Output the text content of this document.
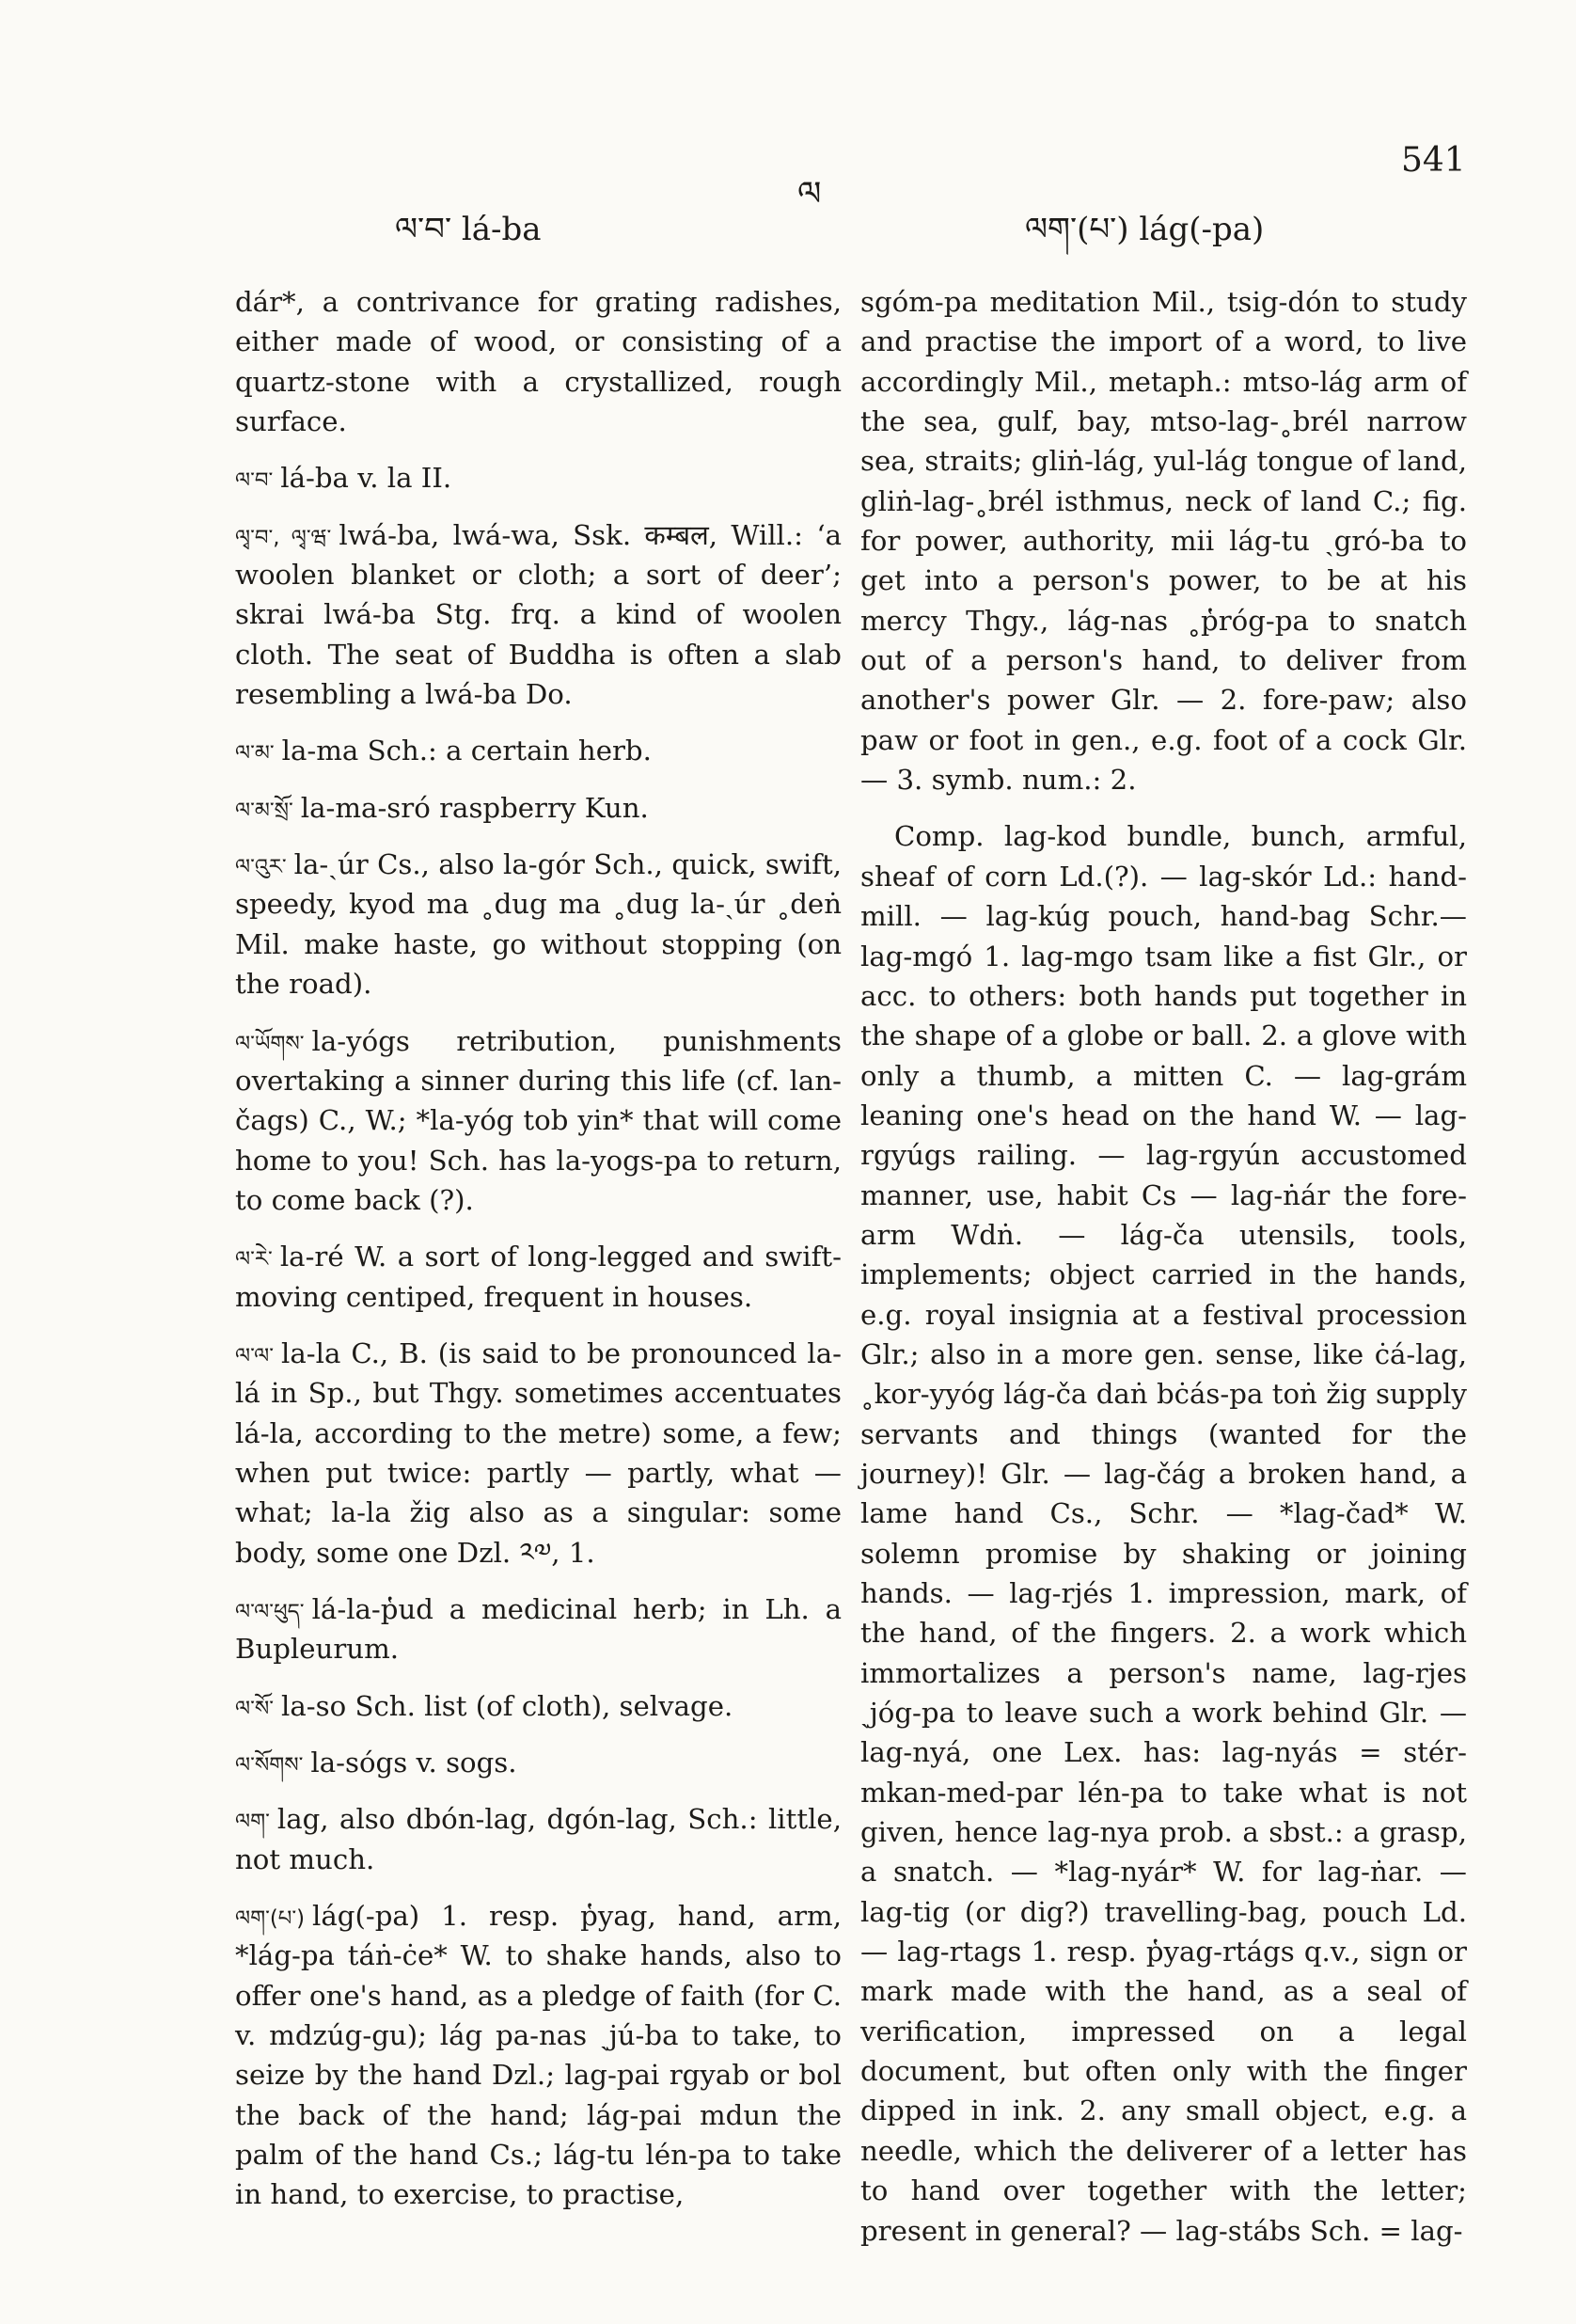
ལ་བ་ lá-ba
ལ
ལག་(པ་) lág(-pa)
541
dár*, a contrivance for grating radishes, either made of wood, or consisting of a quartz-stone with a crystallized, rough surface.
ལ་བ་ lá-ba v. la II.
ལྭ་བ་, ལྭ་ཝ་ lwá-ba, lwá-wa, Ssk. कम्बल, Will.: ‘a woolen blanket or cloth; a sort of deer’; skrai lwá-ba Stg. frq. a kind of woolen cloth. The seat of Buddha is often a slab resembling a lwá-ba Do.
ལ་མ་ la-ma Sch.: a certain herb.
ལ་མ་སྲོ་ la-ma-sró raspberry Kun.
ལ་འུར་ la-ˏúr Cs., also la-gór Sch., quick, swift, speedy, kyod ma ˳dug ma ˳dug la-ˏúr ˳deṅ Mil. make haste, go without stopping (on the road).
ལ་ཡོགས་ la-yógs retribution, punishments overtaking a sinner during this life (cf. lan-čags) C., W.; *la-yóg tob yin* that will come home to you! Sch. has la-yogs-pa to return, to come back (?).
ལ་རེ་ la-ré W. a sort of long-legged and swift-moving centiped, frequent in houses.
ལ་ལ་ la-la C., B. (is said to be pronounced la-lá in Sp., but Thgy. sometimes accentuates lá-la, according to the metre) some, a few; when put twice: partly — partly, what — what; la-la žig also as a singular: some body, some one Dzl. ༢༧, 1.
ལ་ལ་ཕུད་ lá-la-p̔ud a medicinal herb; in Lh. a Bupleurum.
ལ་སོ་ la-so Sch. list (of cloth), selvage.
ལ་སོགས་ la-sógs v. sogs.
ལག་ lag, also dbón-lag, dgón-lag, Sch.: little, not much.
ལག་(པ་) lág(-pa) 1. resp. p̔yag, hand, arm, *lág-pa táṅ-ċe* W. to shake hands, also to offer one's hand, as a pledge of faith (for C. v. mdzúg-gu); lág pa-nas ˏjú-ba to take, to seize by the hand Dzl.; lag-pai rgyab or bol the back of the hand; lág-pai mdun the palm of the hand Cs.; lág-tu lén-pa to take in hand, to exercise, to practise,
sgóm-pa meditation Mil., tsig-dón to study and practise the import of a word, to live accordingly Mil., metaph.: mtso-lág arm of the sea, gulf, bay, mtso-lag-˳brél narrow sea, straits; gliṅ-lág, yul-lág tongue of land, gliṅ-lag-˳brél isthmus, neck of land C.; fig. for power, authority, mii lág-tu ˏgró-ba to get into a person's power, to be at his mercy Thgy., lág-nas ˳p̔róg-pa to snatch out of a person's hand, to deliver from another's power Glr. — 2. fore-paw; also paw or foot in gen., e.g. foot of a cock Glr. — 3. symb. num.: 2.
Comp. lag-kod bundle, bunch, armful, sheaf of corn Ld.(?). — lag-skór Ld.: hand-mill. — lag-kúg pouch, hand-bag Schr.— lag-mgó 1. lag-mgo tsam like a fist Glr., or acc. to others: both hands put together in the shape of a globe or ball. 2. a glove with only a thumb, a mitten C. — lag-grám leaning one's head on the hand W. — lag-rgyúgs railing. — lag-rgyún accustomed manner, use, habit Cs — lag-ṅár the fore-arm Wdṅ. — lág-ča utensils, tools, implements; object carried in the hands, e.g. royal insignia at a festival procession Glr.; also in a more gen. sense, like ċá-lag, ˳kor-yyóg lág-ča daṅ bċás-pa toṅ žig supply servants and things (wanted for the journey)! Glr. — lag-čág a broken hand, a lame hand Cs., Schr. — *lag-čad* W. solemn promise by shaking or joining hands. — lag-rjés 1. impression, mark, of the hand, of the fingers. 2. a work which immortalizes a person's name, lag-rjes ˏjóg-pa to leave such a work behind Glr. — lag-nyá, one Lex. has: lag-nyás = stér-mkan-med-par lén-pa to take what is not given, hence lag-nya prob. a sbst.: a grasp, a snatch. — *lag-nyár* W. for lag-ṅar. — lag-tig (or dig?) travelling-bag, pouch Ld. — lag-rtags 1. resp. p̔yag-rtágs q.v., sign or mark made with the hand, as a seal of verification, impressed on a legal document, but often only with the finger dipped in ink. 2. any small object, e.g. a needle, which the deliverer of a letter has to hand over together with the letter; present in general? — lag-stábs Sch. = lag-
